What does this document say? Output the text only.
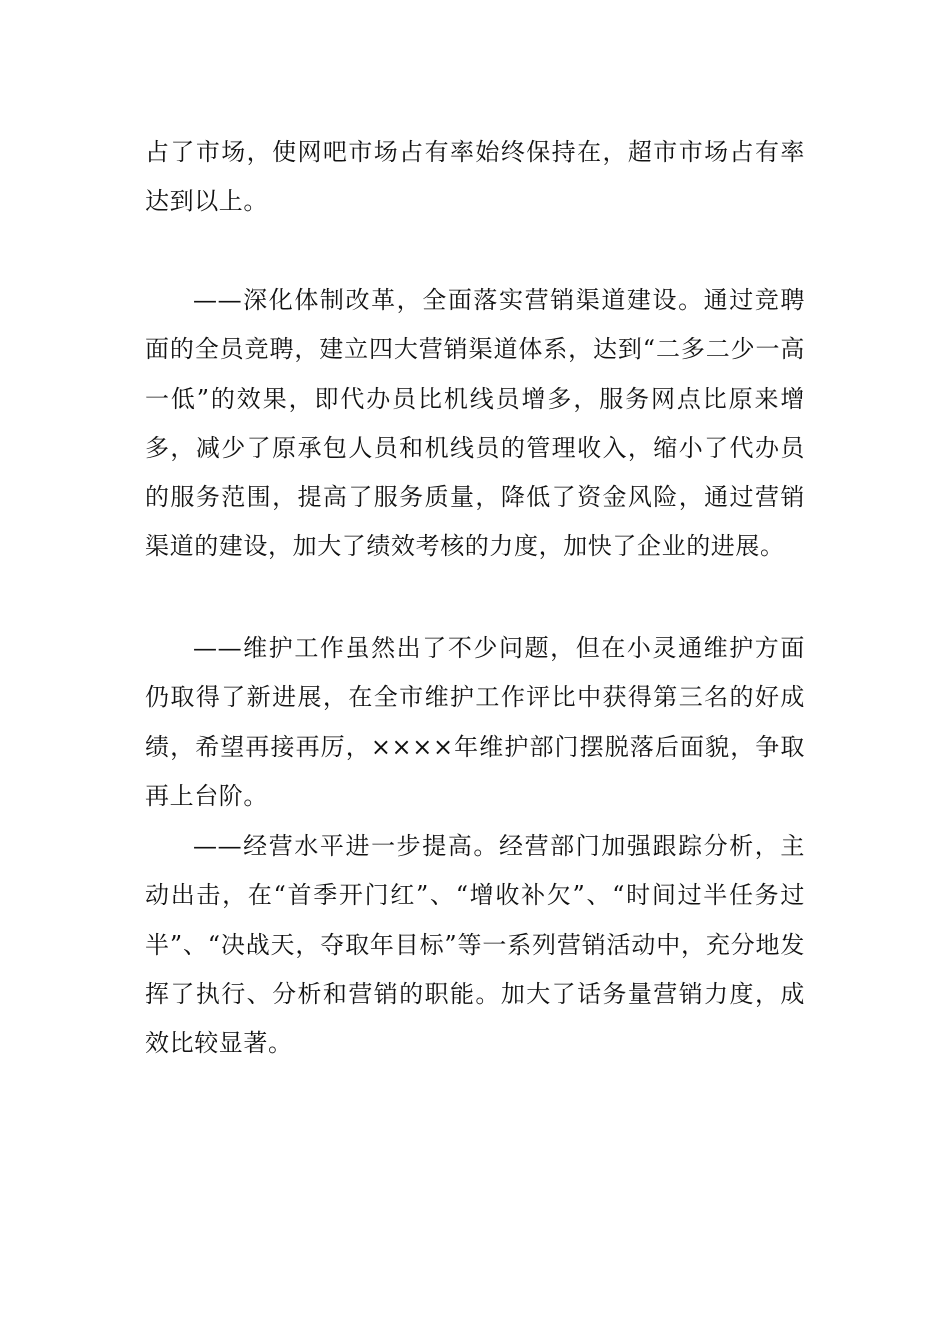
占了市场，使网吧市场占有率始终保持在，超市市场占有率达到以上。

——深化体制改革，全面落实营销渠道建设。通过竞聘面的全员竞聘，建立四大营销渠道体系，达到“二多二少一高一低”的效果，即代办员比机线员增多，服务网点比原来增多，减少了原承包人员和机线员的管理收入，缩小了代办员的服务范围，提高了服务质量，降低了资金风险，通过营销渠道的建设，加大了绩效考核的力度，加快了企业的进展。

——维护工作虽然出了不少问题，但在小灵通维护方面仍取得了新进展，在全市维护工作评比中获得第三名的好成绩，希望再接再厉，××××年维护部门摆脱落后面貌，争取再上台阶。

——经营水平进一步提高。经营部门加强跟踪分析，主动出击，在“首季开门红”、“增收补欠”、“时间过半任务过半”、“决战天，夺取年目标”等一系列营销活动中，充分地发挥了执行、分析和营销的职能。加大了话务量营销力度，成效比较显著。
